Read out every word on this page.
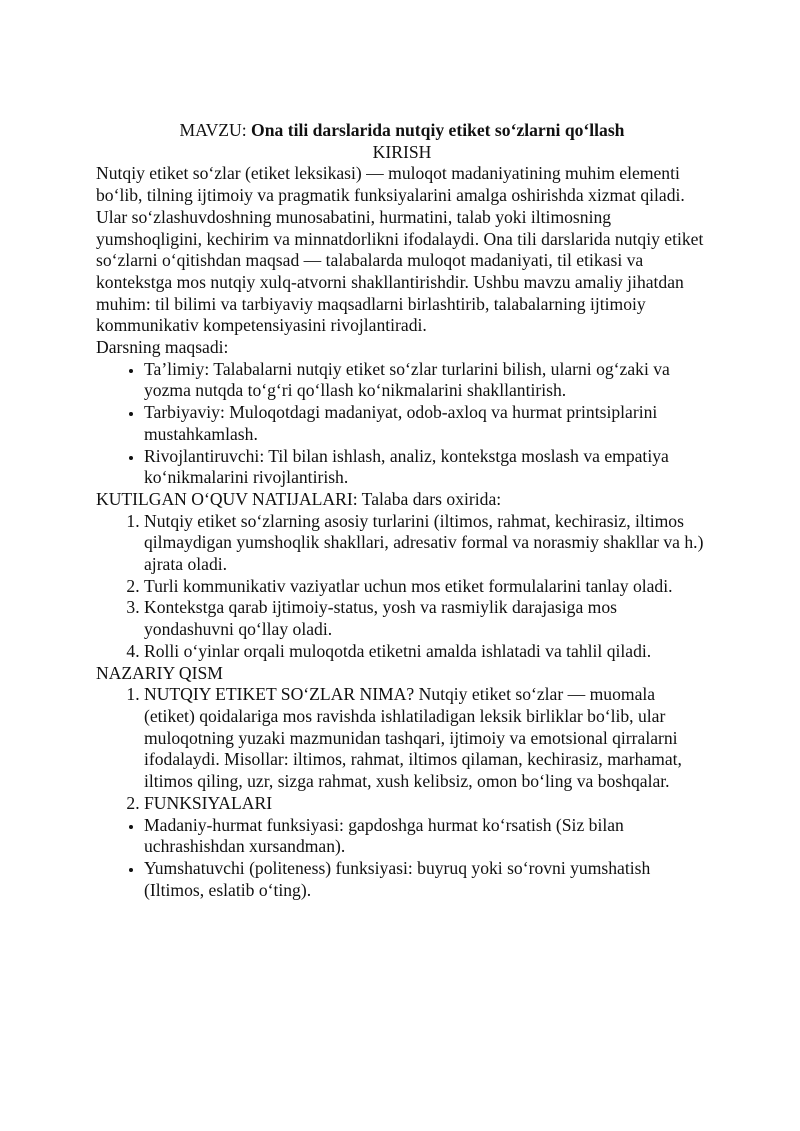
MAVZU: Ona tili darslarida nutqiy etiket so‘zlarni qo‘llash

KIRISH

Nutqiy etiket so‘zlar (etiket leksikasi) — muloqot madaniyatining muhim elementi bo‘lib, tilning ijtimoiy va pragmatik funksiyalarini amalga oshirishda xizmat qiladi. Ular so‘zlashuvdoshning munosabatini, hurmatini, talab yoki iltimosning yumshoqligini, kechirim va minnatdorlikni ifodalaydi. Ona tili darslarida nutqiy etiket so‘zlarni o‘qitishdan maqsad — talabalarda muloqot madaniyati, til etikasi va kontekstga mos nutqiy xulq-atvorni shakllantirishdir. Ushbu mavzu amaliy jihatdan muhim: til bilimi va tarbiyaviy maqsadlarni birlashtirib, talabalarning ijtimoiy kommunikativ kompetensiyasini rivojlantiradi.

Darsning maqsadi:

• Ta’limiy: Talabalarni nutqiy etiket so‘zlar turlarini bilish, ularni og‘zaki va yozma nutqda to‘g‘ri qo‘llash ko‘nikmalarini shakllantirish.
• Tarbiyaviy: Muloqotdagi madaniyat, odob-axloq va hurmat printsiplarini mustahkamlash.
• Rivojlantiruvchi: Til bilan ishlash, analiz, kontekstga moslash va empatiya ko‘nikmalarini rivojlantirish.

KUTILGAN O‘QUV NATIJALARI: Talaba dars oxirida:

1. Nutqiy etiket so‘zlarning asosiy turlarini (iltimos, rahmat, kechirasiz, iltimos qilmaydigan yumshoqlik shakllari, adresativ formal va norasmiy shakllar va h.) ajrata oladi.
2. Turli kommunikativ vaziyatlar uchun mos etiket formulalarini tanlay oladi.
3. Kontekstga qarab ijtimoiy-status, yosh va rasmiylik darajasiga mos yondashuvni qo‘llay oladi.
4. Rolli o‘yinlar orqali muloqotda etiketni amalda ishlatadi va tahlil qiladi.

NAZARIY QISM

1. NUTQIY ETIKET SO‘ZLAR NIMA? Nutqiy etiket so‘zlar — muomala (etiket) qoidalariga mos ravishda ishlatiladigan leksik birliklar bo‘lib, ular muloqotning yuzaki mazmunidan tashqari, ijtimoiy va emotsional qirralarni ifodalaydi. Misollar: iltimos, rahmat, iltimos qilaman, kechirasiz, marhamat, iltimos qiling, uzr, sizga rahmat, xush kelibsiz, omon bo‘ling va boshqalar.
2. FUNKSIYALARI
• Madaniy-hurmat funksiyasi: gapdoshga hurmat ko‘rsatish (Siz bilan uchrashishdan xursandman).
• Yumshatuvchi (politeness) funksiyasi: buyruq yoki so‘rovni yumshatish (Iltimos, eslatib o‘ting).
